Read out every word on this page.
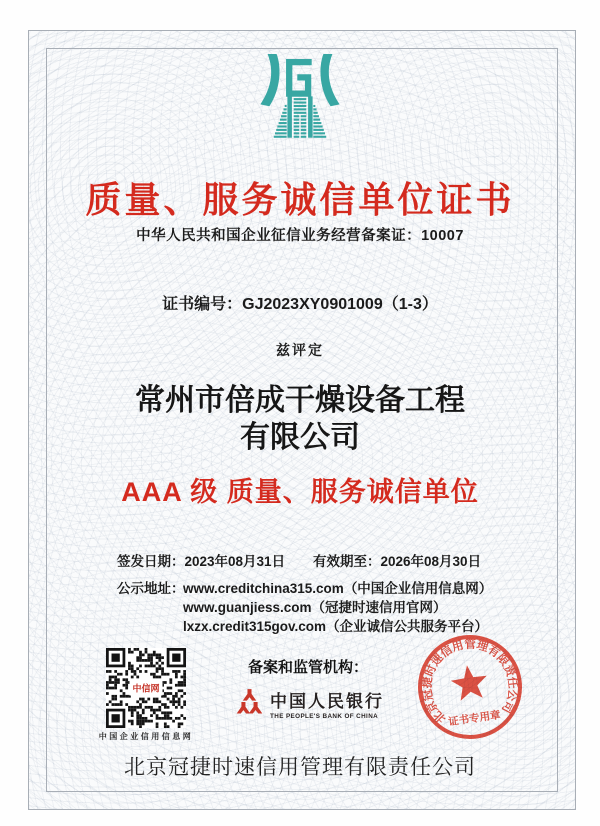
质量、服务诚信单位证书
中华人民共和国企业征信业务经营备案证：10007
证书编号：GJ2023XY0901009（1-3）
兹评定
常州市倍成干燥设备工程
有限公司
AAA 级 质量、服务诚信单位
签发日期：2023年08月31日 有效期至：2026年08月30日
公示地址：
www.creditchina315.com（中国企业信用信息网）
www.guanjiess.com（冠捷时速信用官网）
lxzx.credit315gov.com（企业诚信公共服务平台）
中信网
中国企业信用信息网
备案和监管机构：
中国人民银行
THE PEOPLE'S BANK OF CHINA	北京冠捷时速信用管理有限责任公司
证书专用章
北京冠捷时速信用管理有限责任公司
